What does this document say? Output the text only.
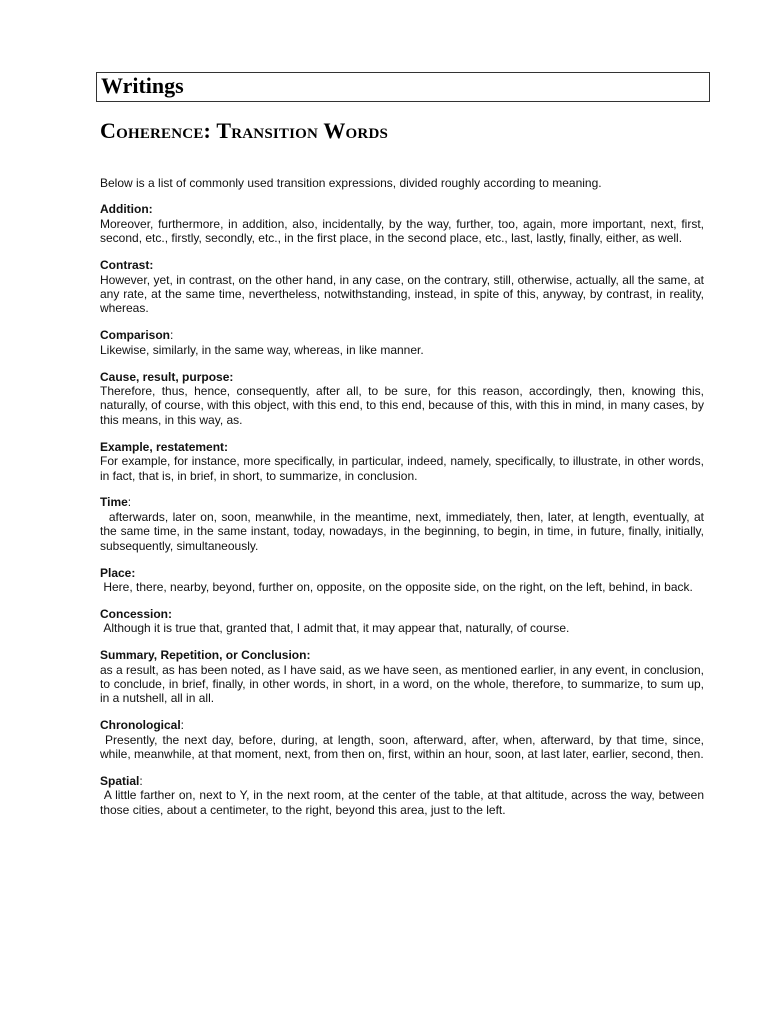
Writings
Coherence: Transition Words

Below is a list of commonly used transition expressions, divided roughly according to meaning.

Addition:

Moreover, furthermore, in addition, also, incidentally, by the way, further, too, again, more important, next, first, second, etc., firstly, secondly, etc., in the first place, in the second place, etc., last, lastly, finally, either, as well.

Contrast:

However, yet, in contrast, on the other hand, in any case, on the contrary, still, otherwise, actually, all the same, at any rate, at the same time, nevertheless, notwithstanding, instead, in spite of this, anyway, by contrast, in reality, whereas.

Comparison:

Likewise, similarly, in the same way, whereas, in like manner.

Cause, result, purpose:

Therefore, thus, hence, consequently, after all, to be sure, for this reason, accordingly, then, knowing this, naturally, of course, with this object, with this end, to this end, because of this, with this in mind, in many cases, by this means, in this way, as.

Example, restatement:

For example, for instance, more specifically, in particular, indeed, namely, specifically, to illustrate, in other words, in fact, that is, in brief, in short, to summarize, in conclusion.

Time:

afterwards, later on, soon, meanwhile, in the meantime, next, immediately, then, later, at length, eventually, at the same time, in the same instant, today, nowadays, in the beginning, to begin, in time, in future, finally, initially, subsequently, simultaneously.

Place:

Here, there, nearby, beyond, further on, opposite, on the opposite side, on the right, on the left, behind, in back.

Concession:

Although it is true that, granted that, I admit that, it may appear that, naturally, of course.

Summary, Repetition, or Conclusion:

as a result, as has been noted, as I have said, as we have seen, as mentioned earlier, in any event, in conclusion, to conclude, in brief, finally, in other words, in short, in a word, on the whole, therefore, to summarize, to sum up, in a nutshell, all in all.

Chronological:

Presently, the next day, before, during, at length, soon, afterward, after, when, afterward, by that time, since, while, meanwhile, at that moment, next, from then on, first, within an hour, soon, at last later, earlier, second, then.

Spatial:

A little farther on, next to Y, in the next room, at the center of the table, at that altitude, across the way, between those cities, about a centimeter, to the right, beyond this area, just to the left.
